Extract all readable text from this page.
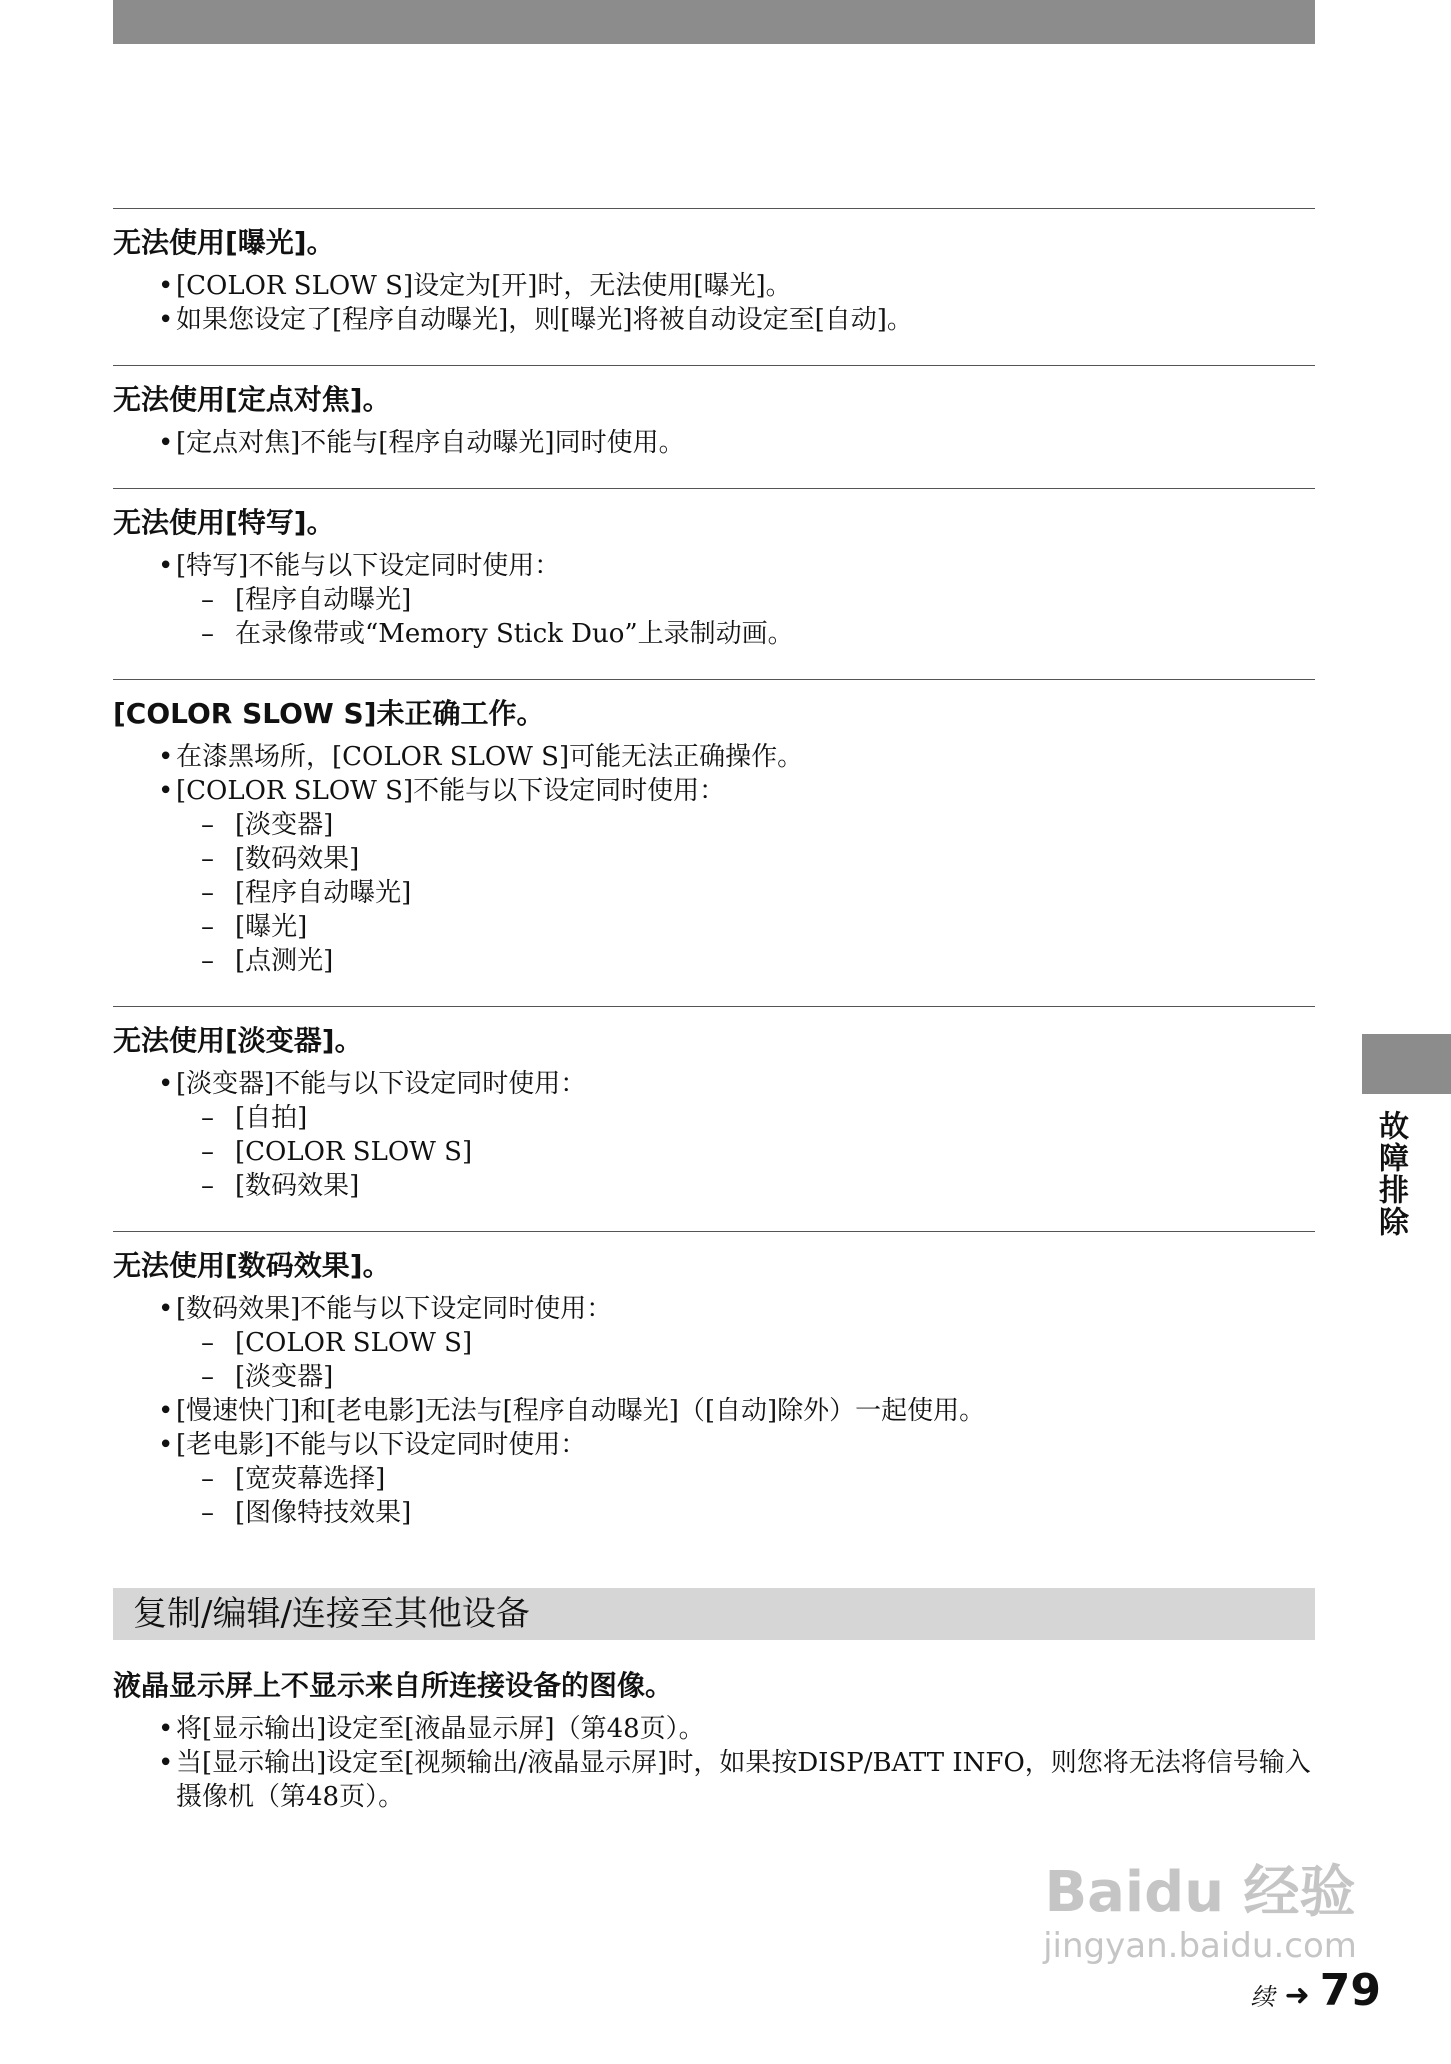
无法使用[曝光]。

• [COLOR SLOW S]设定为[开]时，无法使用[曝光]。

• 如果您设定了[程序自动曝光]，则[曝光]将被自动设定至[自动]。

无法使用[定点对焦]。

• [定点对焦]不能与[程序自动曝光]同时使用。

无法使用[特写]。

• [特写]不能与以下设定同时使用：

– [程序自动曝光]

– 在录像带或“Memory Stick Duo”上录制动画。

[COLOR SLOW S]未正确工作。

• 在漆黑场所，[COLOR SLOW S]可能无法正确操作。

• [COLOR SLOW S]不能与以下设定同时使用：

– [淡变器]

– [数码效果]

– [程序自动曝光]

– [曝光]

– [点测光]

无法使用[淡变器]。

• [淡变器]不能与以下设定同时使用：

– [自拍]

– [COLOR SLOW S]

– [数码效果]

无法使用[数码效果]。

• [数码效果]不能与以下设定同时使用：

– [COLOR SLOW S]

– [淡变器]

• [慢速快门]和[老电影]无法与[程序自动曝光]（[自动]除外）一起使用。

• [老电影]不能与以下设定同时使用：

– [宽荧幕选择]

– [图像特技效果]

复制/编辑/连接至其他设备
液晶显示屏上不显示来自所连接设备的图像。

• 将[显示输出]设定至[液晶显示屏]（第48页）。

• 当[显示输出]设定至[视频输出/液晶显示屏]时，如果按DISP/BATT INFO，则您将无法将信号输入摄像机（第48页）。

故障排除
Baidu 经验
jingyan.baidu.com
续 ➜ 79
